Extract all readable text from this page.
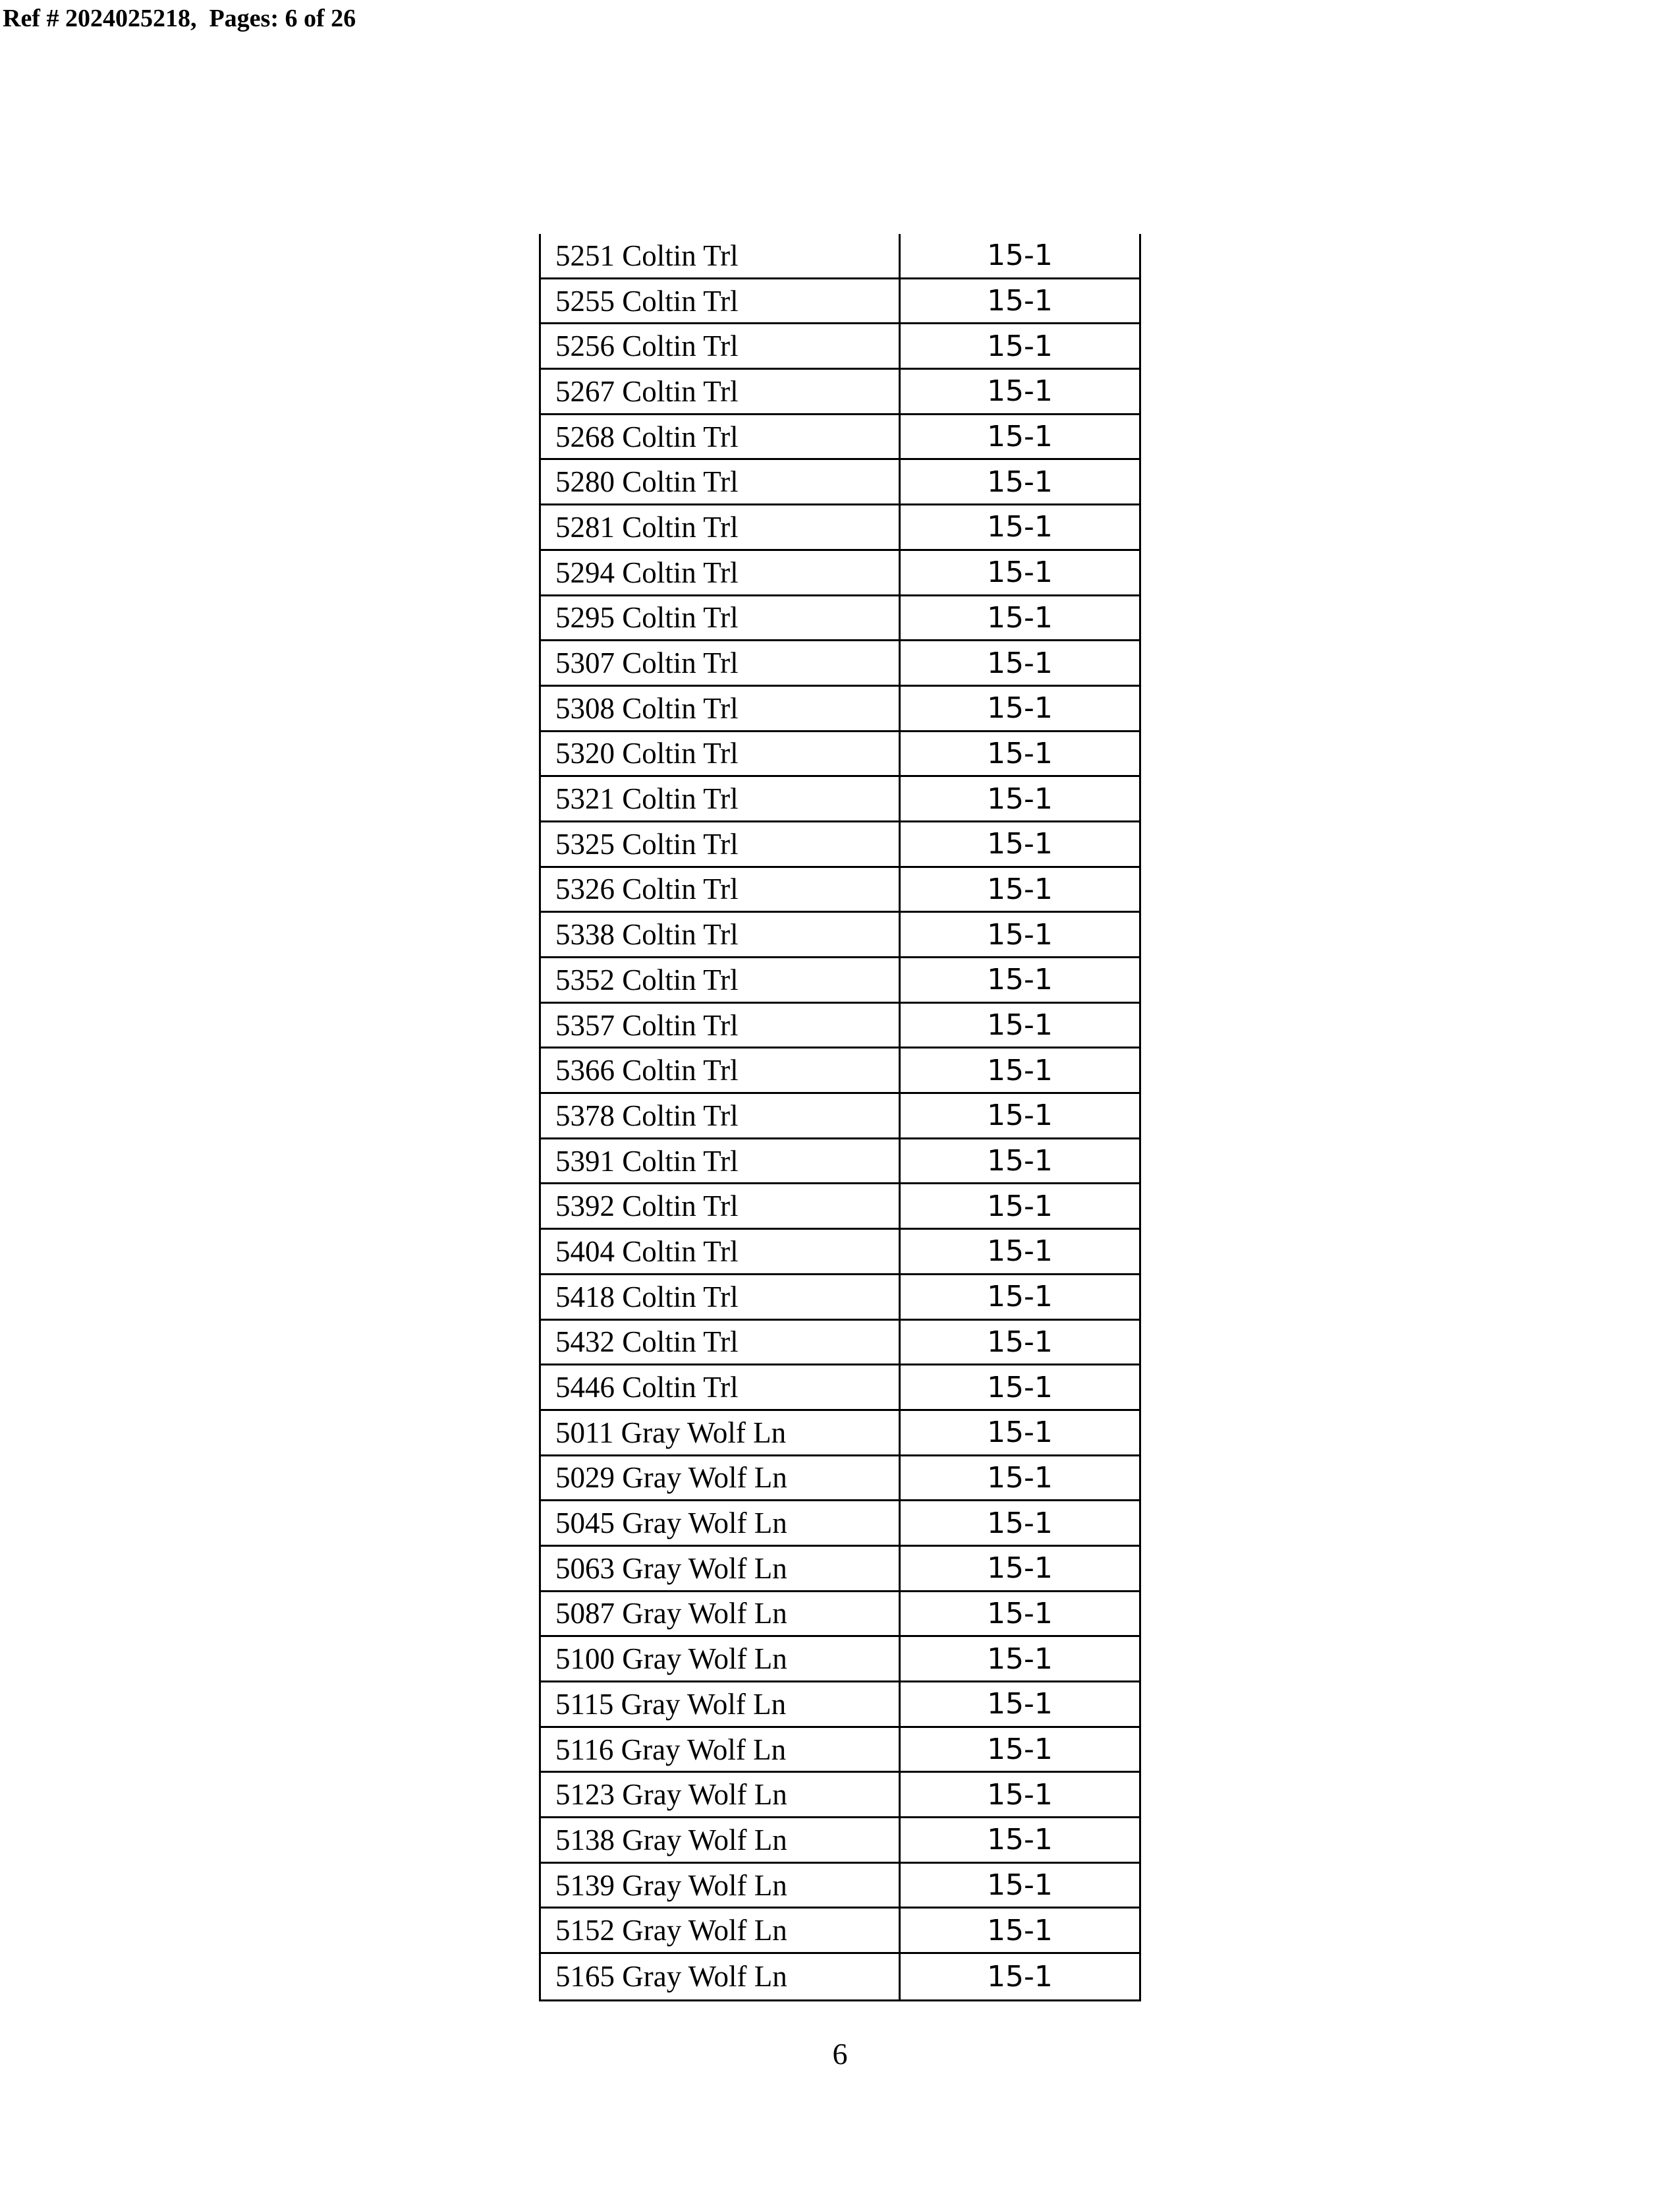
Ref # 2024025218,  Pages: 6 of 26
5251 Coltin Trl	15-1
5255 Coltin Trl	15-1
5256 Coltin Trl	15-1
5267 Coltin Trl	15-1
5268 Coltin Trl	15-1
5280 Coltin Trl	15-1
5281 Coltin Trl	15-1
5294 Coltin Trl	15-1
5295 Coltin Trl	15-1
5307 Coltin Trl	15-1
5308 Coltin Trl	15-1
5320 Coltin Trl	15-1
5321 Coltin Trl	15-1
5325 Coltin Trl	15-1
5326 Coltin Trl	15-1
5338 Coltin Trl	15-1
5352 Coltin Trl	15-1
5357 Coltin Trl	15-1
5366 Coltin Trl	15-1
5378 Coltin Trl	15-1
5391 Coltin Trl	15-1
5392 Coltin Trl	15-1
5404 Coltin Trl	15-1
5418 Coltin Trl	15-1
5432 Coltin Trl	15-1
5446 Coltin Trl	15-1
5011 Gray Wolf Ln	15-1
5029 Gray Wolf Ln	15-1
5045 Gray Wolf Ln	15-1
5063 Gray Wolf Ln	15-1
5087 Gray Wolf Ln	15-1
5100 Gray Wolf Ln	15-1
5115 Gray Wolf Ln	15-1
5116 Gray Wolf Ln	15-1
5123 Gray Wolf Ln	15-1
5138 Gray Wolf Ln	15-1
5139 Gray Wolf Ln	15-1
5152 Gray Wolf Ln	15-1
5165 Gray Wolf Ln	15-1
6
